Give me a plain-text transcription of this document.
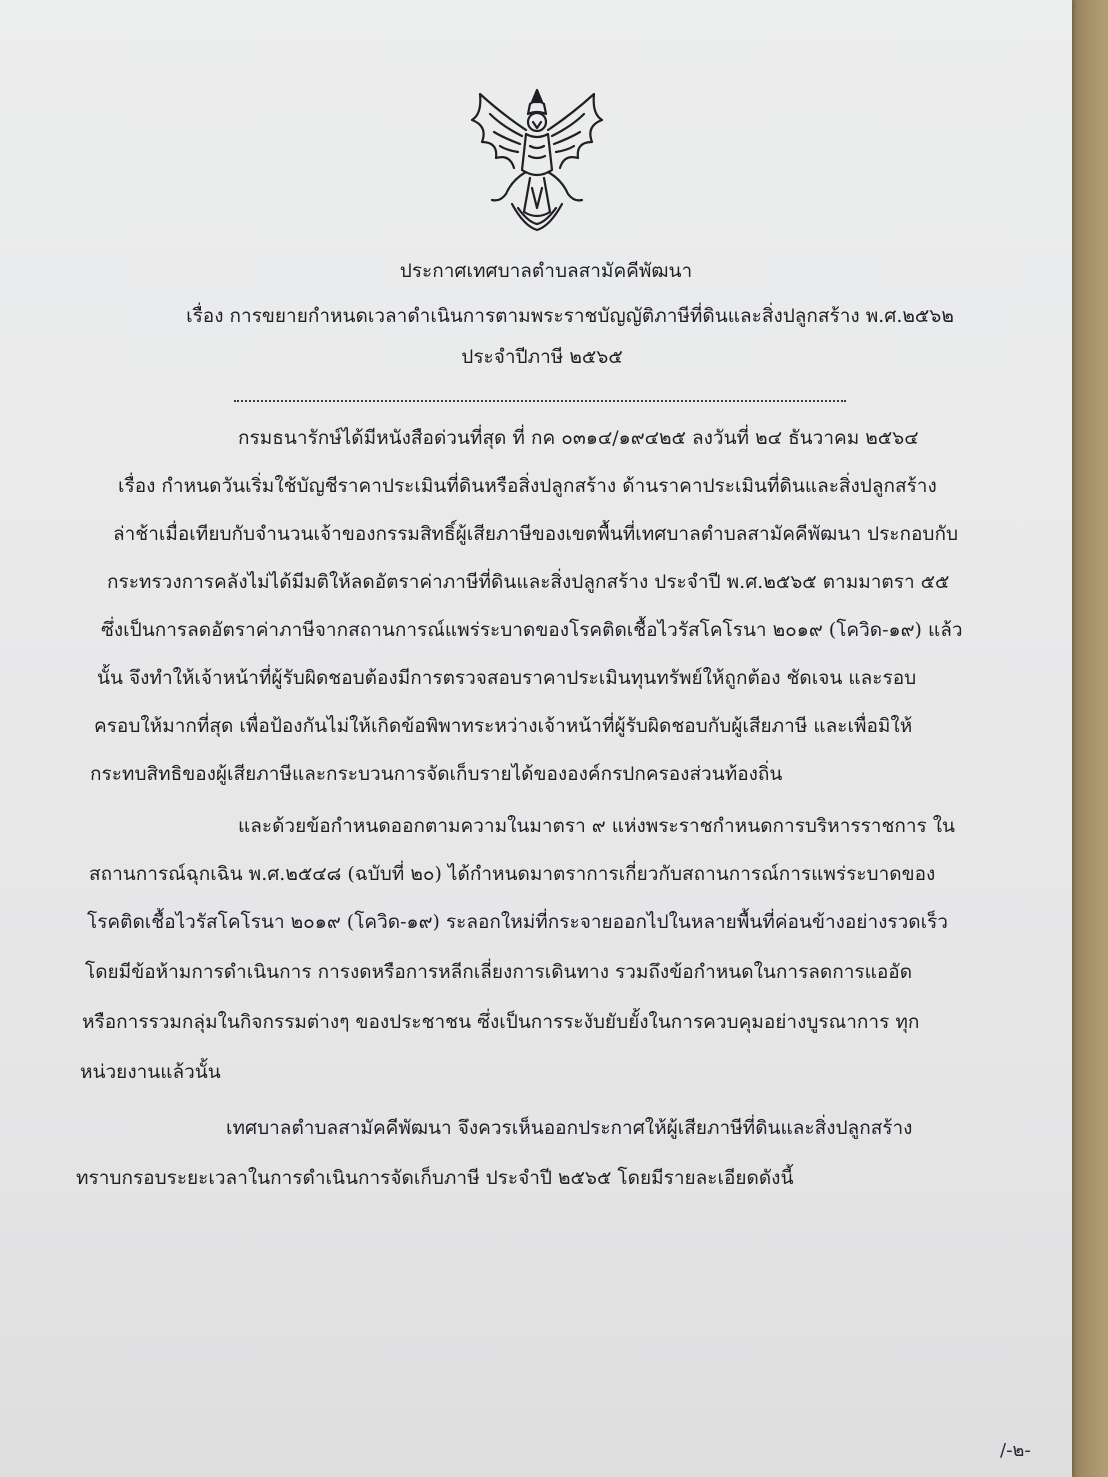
ประกาศเทศบาลตำบลสามัคคีพัฒนา
เรื่อง การขยายกำหนดเวลาดำเนินการตามพระราชบัญญัติภาษีที่ดินและสิ่งปลูกสร้าง พ.ศ.๒๕๖๒
ประจำปีภาษี ๒๕๖๕
กรมธนารักษ์ได้มีหนังสือด่วนที่สุด ที่ กค ๐๓๑๔/๑๙๔๒๕ ลงวันที่ ๒๔ ธันวาคม ๒๕๖๔
เรื่อง กำหนดวันเริ่มใช้บัญชีราคาประเมินที่ดินหรือสิ่งปลูกสร้าง ด้านราคาประเมินที่ดินและสิ่งปลูกสร้าง
ล่าช้าเมื่อเทียบกับจำนวนเจ้าของกรรมสิทธิ์ผู้เสียภาษีของเขตพื้นที่เทศบาลตำบลสามัคคีพัฒนา ประกอบกับ
กระทรวงการคลังไม่ได้มีมติให้ลดอัตราค่าภาษีที่ดินและสิ่งปลูกสร้าง ประจำปี พ.ศ.๒๕๖๕ ตามมาตรา ๕๕
ซึ่งเป็นการลดอัตราค่าภาษีจากสถานการณ์แพร่ระบาดของโรคติดเชื้อไวรัสโคโรนา ๒๐๑๙ (โควิด-๑๙) แล้ว
นั้น จึงทำให้เจ้าหน้าที่ผู้รับผิดชอบต้องมีการตรวจสอบราคาประเมินทุนทรัพย์ให้ถูกต้อง ชัดเจน และรอบ
ครอบให้มากที่สุด เพื่อป้องกันไม่ให้เกิดข้อพิพาทระหว่างเจ้าหน้าที่ผู้รับผิดชอบกับผู้เสียภาษี และเพื่อมิให้
กระทบสิทธิของผู้เสียภาษีและกระบวนการจัดเก็บรายได้ขององค์กรปกครองส่วนท้องถิ่น
และด้วยข้อกำหนดออกตามความในมาตรา ๙ แห่งพระราชกำหนดการบริหารราชการ ใน
สถานการณ์ฉุกเฉิน พ.ศ.๒๕๔๘ (ฉบับที่ ๒๐) ได้กำหนดมาตราการเกี่ยวกับสถานการณ์การแพร่ระบาดของ
โรคติดเชื้อไวรัสโคโรนา ๒๐๑๙ (โควิด-๑๙) ระลอกใหม่ที่กระจายออกไปในหลายพื้นที่ค่อนข้างอย่างรวดเร็ว
โดยมีข้อห้ามการดำเนินการ การงดหรือการหลีกเลี่ยงการเดินทาง รวมถึงข้อกำหนดในการลดการแออัด
หรือการรวมกลุ่มในกิจกรรมต่างๆ ของประชาชน ซึ่งเป็นการระงับยับยั้งในการควบคุมอย่างบูรณาการ ทุก
หน่วยงานแล้วนั้น
เทศบาลตำบลสามัคคีพัฒนา จึงควรเห็นออกประกาศให้ผู้เสียภาษีที่ดินและสิ่งปลูกสร้าง
ทราบกรอบระยะเวลาในการดำเนินการจัดเก็บภาษี ประจำปี ๒๕๖๕ โดยมีรายละเอียดดังนี้
/-๒-
